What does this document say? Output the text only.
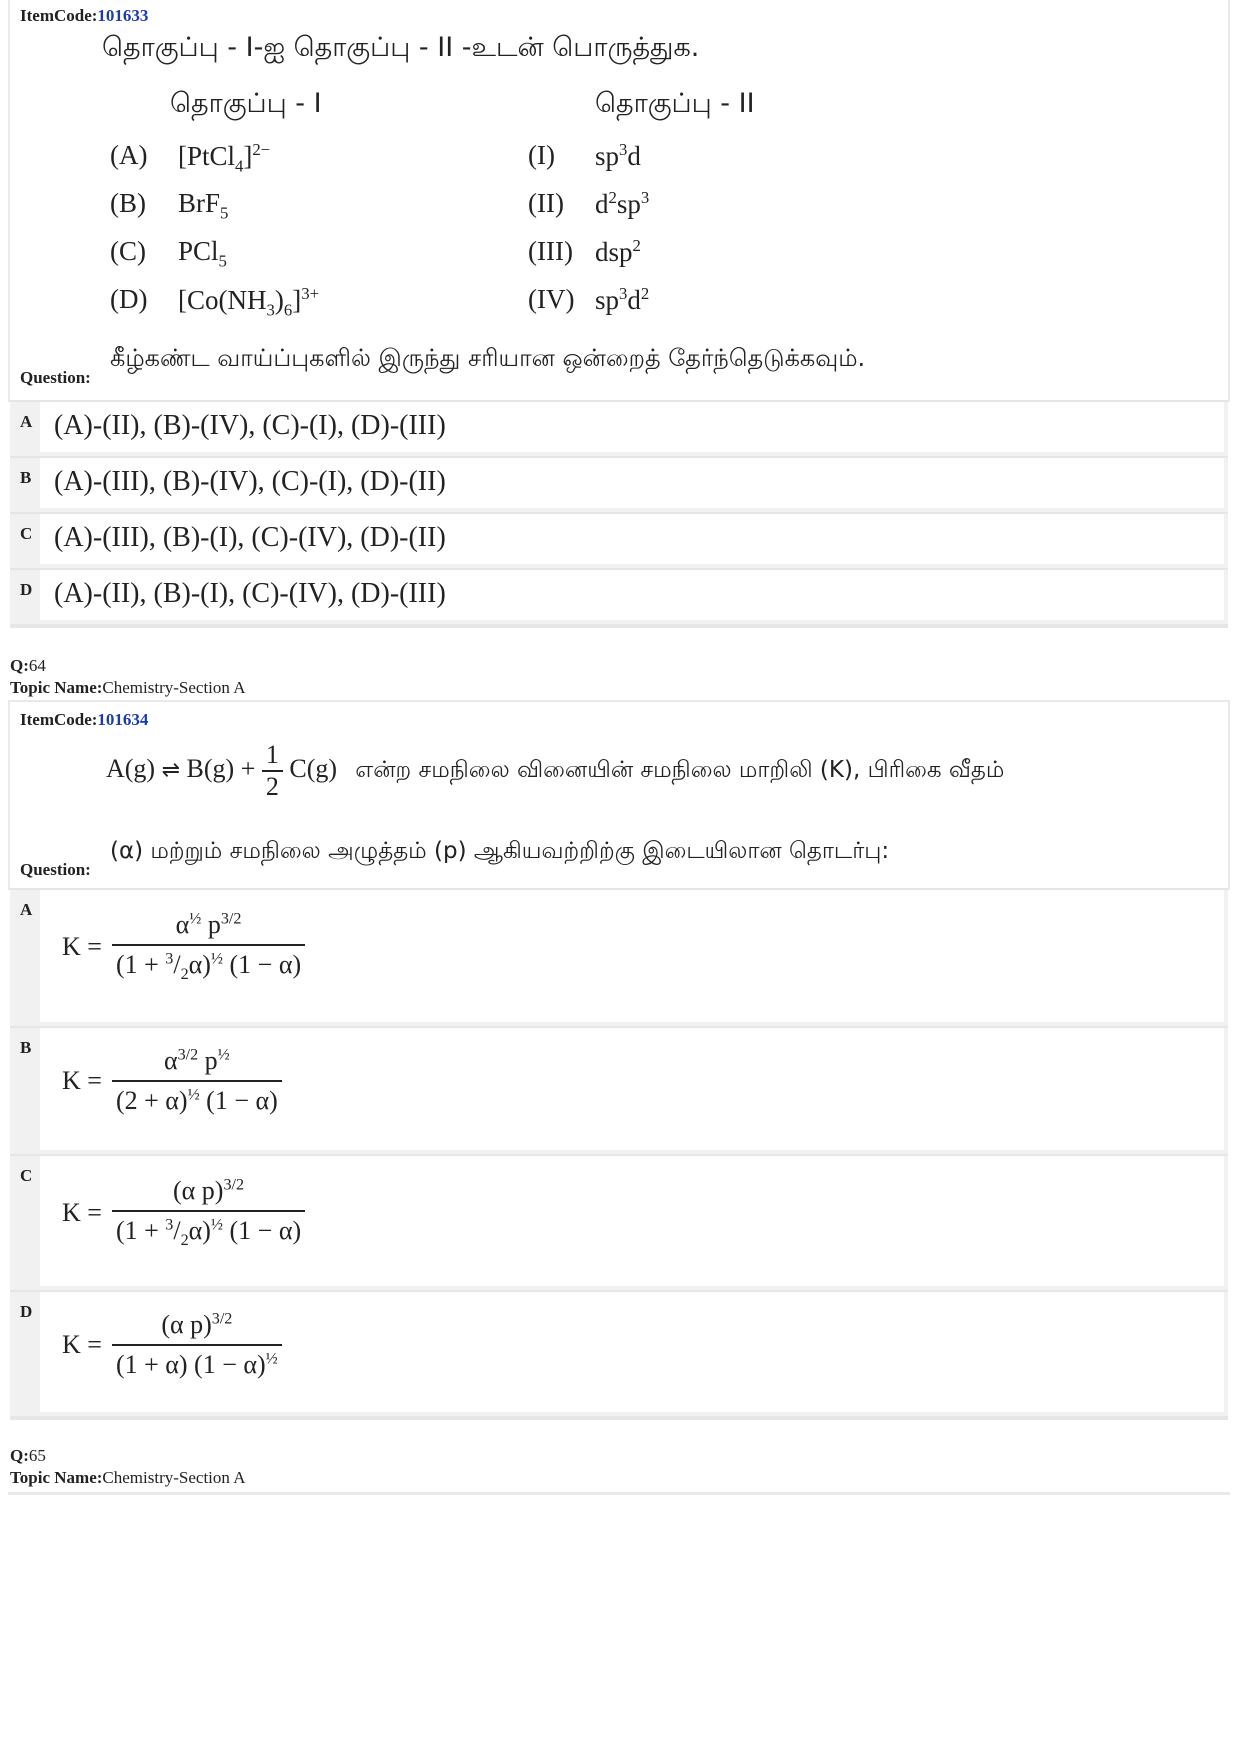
ItemCode:101633
தொகுப்பு - I-ஐ தொகுப்பு - II -உடன் பொருத்துக.
தொகுப்பு - I	தொகுப்பு - II
(A) [PtCl$_4$]$^{2-}$	(I) $sp^3d$
(B) BrF$_5$	(II) $d^2sp^3$
(C) PCl$_5$	(III) dsp$^2$
(D) $[Co(NH_3)_6]^{3+}$	(IV) $sp^3d^2$
கீழ்கண்ட வாய்ப்புகளில் இருந்து சரியான ஒன்றைத் தேர்ந்தெடுக்கவும்.
Question:
A (A)-(II), (B)-(IV), (C)-(I), (D)-(III)
B (A)-(III), (B)-(IV), (C)-(I), (D)-(II)
C (A)-(III), (B)-(I), (C)-(IV), (D)-(II)
D (A)-(II), (B)-(I), (C)-(IV), (D)-(III)
Q:64
Topic Name:Chemistry-Section A
ItemCode:101634
A(g) ⇌ $B(g) + \frac{1}{2} C(g)$ என்ற சமநிலை வினையின் சமநிலை மாறிலி (K), பிரிகை வீதம்
(α) மற்றும் சமநிலை அழுத்தம் (p) ஆகியவற்றிற்கு இடையிலான தொடர்பு:
Question:
A
$K = \frac{\alpha^{\frac{1}{2}} p^{3/2}}{(1 + ^3/_2\alpha)^{\frac{1}{2}} (1 - \alpha)}$
B
$K = \frac{\alpha^{3/2} p^{\frac{1}{2}}}{(2 + \alpha)^{\frac{1}{2}} (1 - \alpha)}$
C
$K = \frac{(\alpha p)^{3/2}}{(1 + ^3/_2\alpha)^{\frac{1}{2}} (1 - \alpha)}$
D
$K = \frac{(\alpha p)^{3/2}}{(1 + \alpha) (1 - \alpha)^{\frac{1}{2}}}$
Q:65
Topic Name:Chemistry-Section A
